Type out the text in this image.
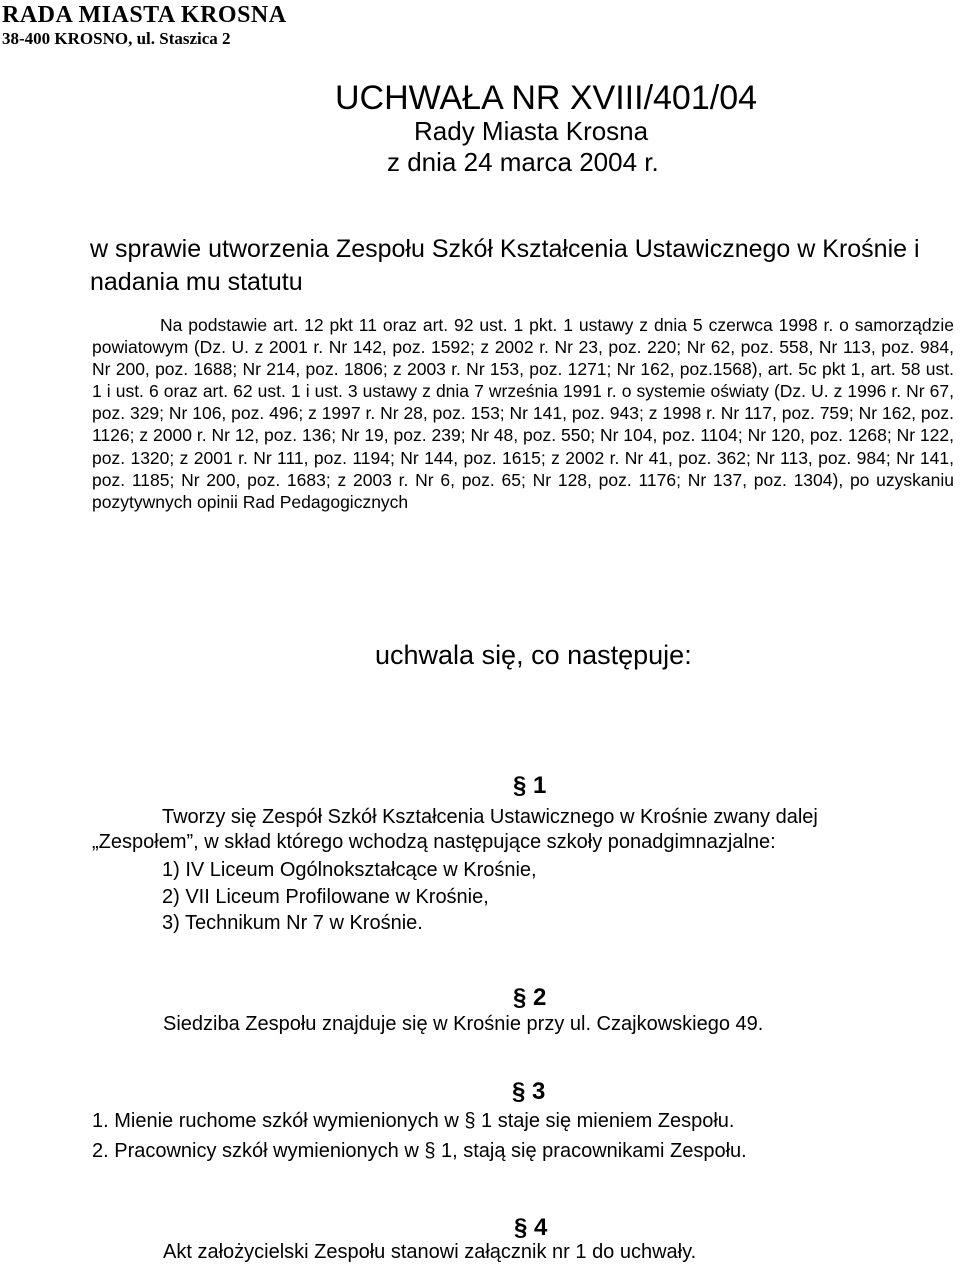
RADA MIASTA KROSNA
38-400 KROSNO, ul. Staszica 2
UCHWAŁA NR XVIII/401/04
Rady Miasta Krosna
z dnia 24 marca 2004 r.
w sprawie utworzenia Zespołu Szkół Kształcenia Ustawicznego w Krośnie i nadania mu statutu
Na podstawie art. 12 pkt 11 oraz art. 92 ust. 1 pkt. 1 ustawy z dnia 5 czerwca 1998 r. o samorządzie powiatowym (Dz. U. z 2001 r. Nr 142, poz. 1592; z 2002 r. Nr 23, poz. 220; Nr 62, poz. 558, Nr 113, poz. 984, Nr 200, poz. 1688; Nr 214, poz. 1806; z 2003 r. Nr 153, poz. 1271; Nr 162, poz.1568), art. 5c pkt 1, art. 58 ust. 1 i ust. 6 oraz art. 62 ust. 1 i ust. 3 ustawy z dnia 7 września 1991 r. o systemie oświaty (Dz. U. z 1996 r. Nr 67, poz. 329; Nr 106, poz. 496; z 1997 r. Nr 28, poz. 153; Nr 141, poz. 943; z 1998 r. Nr 117, poz. 759; Nr 162, poz. 1126; z 2000 r. Nr 12, poz. 136; Nr 19, poz. 239; Nr 48, poz. 550; Nr 104, poz. 1104; Nr 120, poz. 1268; Nr 122, poz. 1320; z 2001 r. Nr 111, poz. 1194; Nr 144, poz. 1615; z 2002 r. Nr 41, poz. 362; Nr 113, poz. 984; Nr 141, poz. 1185; Nr 200, poz. 1683; z 2003 r. Nr 6, poz. 65; Nr 128, poz. 1176; Nr 137, poz. 1304), po uzyskaniu pozytywnych opinii Rad Pedagogicznych
uchwala się, co następuje:
§ 1
Tworzy się Zespół Szkół Kształcenia Ustawicznego w Krośnie zwany dalej
„Zespołem”, w skład którego wchodzą następujące szkoły ponadgimnazjalne:
1) IV Liceum Ogólnokształcące w Krośnie,
2) VII Liceum Profilowane w Krośnie,
3) Technikum Nr 7 w Krośnie.
§ 2
Siedziba Zespołu znajduje się w Krośnie przy ul. Czajkowskiego 49.
§ 3
1. Mienie ruchome szkół wymienionych w § 1 staje się mieniem Zespołu.
2. Pracownicy szkół wymienionych w § 1, stają się pracownikami Zespołu.
§ 4
Akt założycielski Zespołu stanowi załącznik nr 1 do uchwały.
